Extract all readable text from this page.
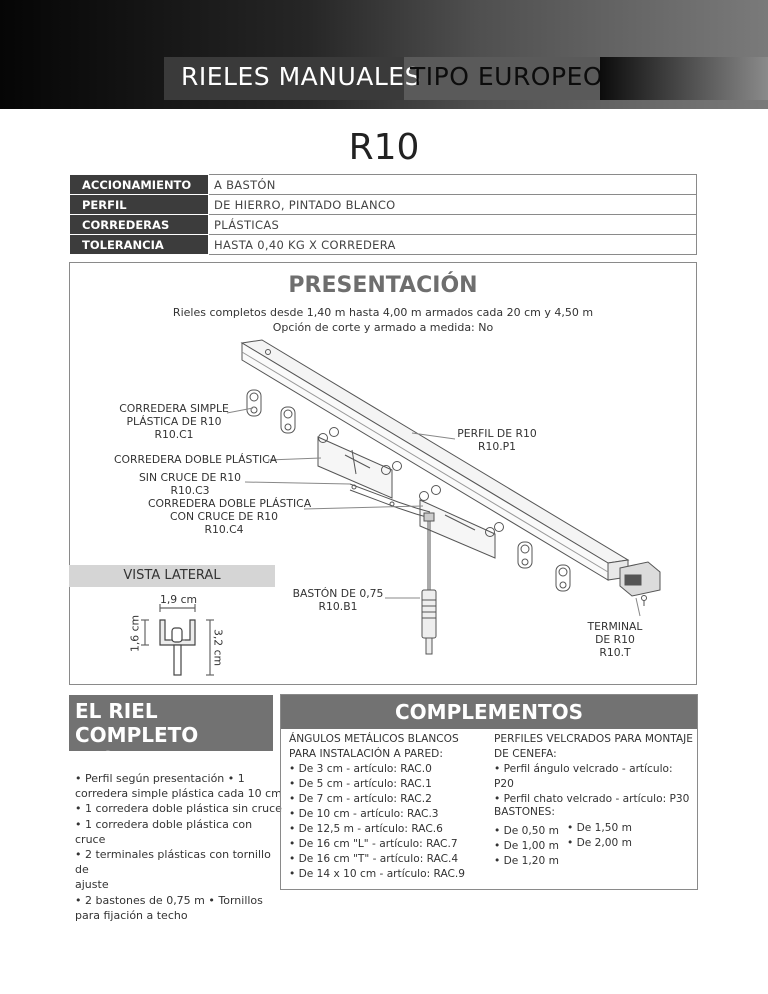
RIELES MANUALES
TIPO EUROPEO
R10
ACCIONAMIENTO	A BASTÓN
PERFIL	DE HIERRO, PINTADO BLANCO
CORREDERAS	PLÁSTICAS
TOLERANCIA	HASTA 0,40 KG X CORREDERA
PRESENTACIÓN
Rieles completos desde 1,40 m hasta 4,00 m armados cada 20 cm y 4,50 m
Opción de corte y armado a medida: No
CORREDERA SIMPLE
PLÁSTICA DE R10
R10.C1
CORREDERA DOBLE PLÁSTICA
SIN CRUCE DE R10
R10.C3
CORREDERA DOBLE PLÁSTICA
CON CRUCE DE R10
R10.C4
PERFIL DE R10
R10.P1
BASTÓN DE 0,75
R10.B1
TERMINAL
DE R10
R10.T
VISTA LATERAL
1,9 cm
1,6 cm	3,2 cm
EL RIEL COMPLETO
INCLUYE:
• Perfil según presentación • 1
corredera simple plástica cada 10 cm
• 1 corredera doble plástica sin cruce
• 1 corredera doble plástica con cruce
• 2 terminales plásticas con tornillo de
ajuste
• 2 bastones de 0,75 m • Tornillos
para fijación a techo
COMPLEMENTOS
ÁNGULOS METÁLICOS BLANCOS
PARA INSTALACIÓN A PARED:
• De 3 cm - artículo: RAC.0
• De 5 cm - artículo: RAC.1
• De 7 cm - artículo: RAC.2
• De 10 cm - artículo: RAC.3
• De 12,5 m - artículo: RAC.6
• De 16 cm "L" - artículo: RAC.7
• De 16 cm "T" - artículo: RAC.4
• De 14 x 10 cm - artículo: RAC.9
PERFILES VELCRADOS PARA MONTAJE
DE CENEFA:
• Perfil ángulo velcrado - artículo: P20
• Perfil chato velcrado - artículo: P30
BASTONES:
• De 0,50 m
• De 1,00 m
• De 1,20 m
• De 1,50 m
• De 2,00 m
